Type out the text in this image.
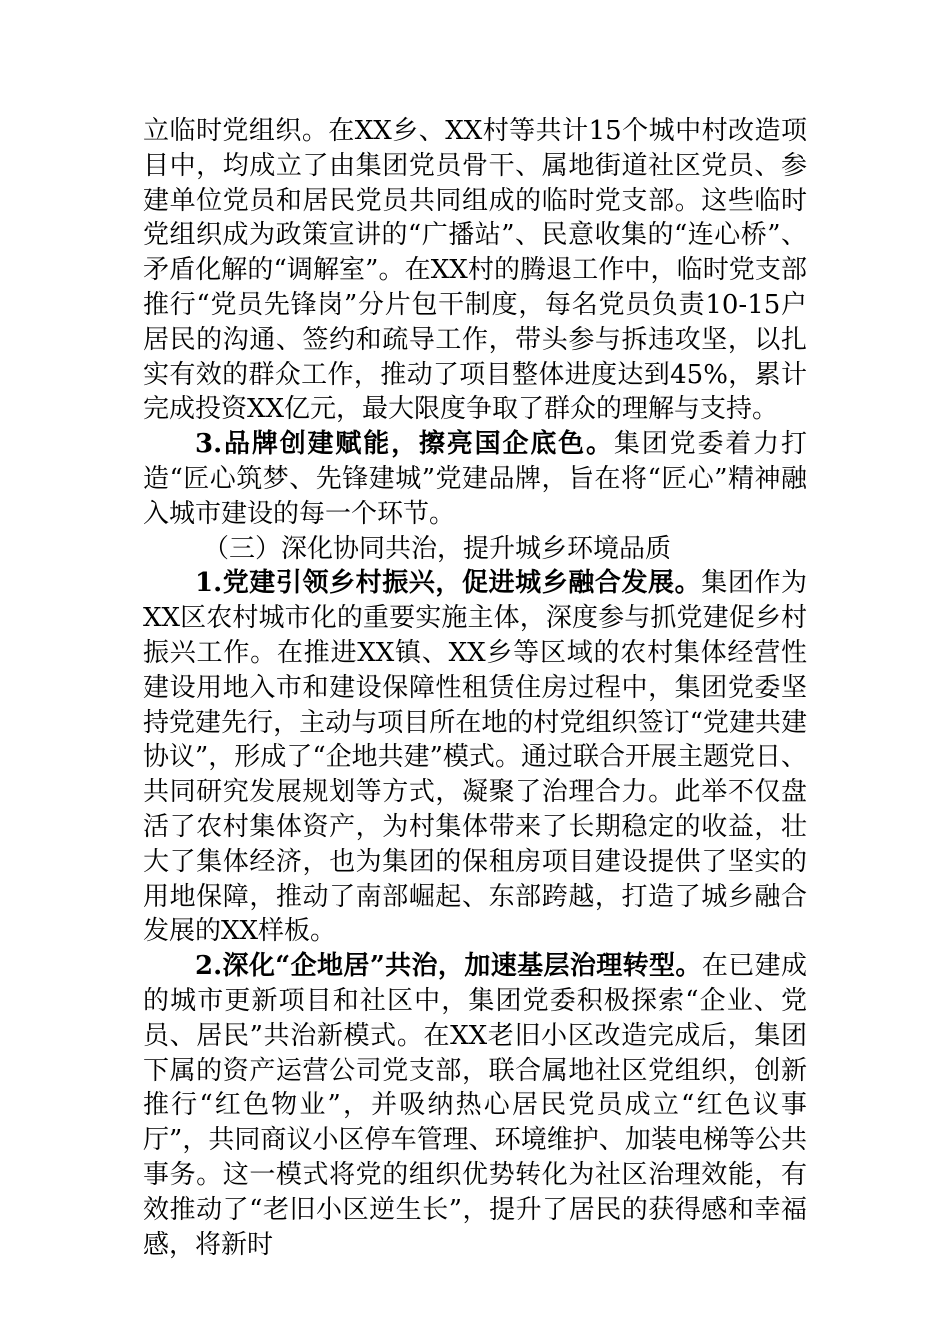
立临时党组织。在XX乡、XX村等共计15个城中村改造项目中，均成立了由集团党员骨干、属地街道社区党员、参建单位党员和居民党员共同组成的临时党支部。这些临时党组织成为政策宣讲的“广播站”、民意收集的“连心桥”、矛盾化解的“调解室”。在XX村的腾退工作中，临时党支部推行“党员先锋岗”分片包干制度，每名党员负责10-15户居民的沟通、签约和疏导工作，带头参与拆违攻坚，以扎实有效的群众工作，推动了项目整体进度达到45%，累计完成投资XX亿元，最大限度争取了群众的理解与支持。

3.品牌创建赋能，擦亮国企底色。集团党委着力打造“匠心筑梦、先锋建城”党建品牌，旨在将“匠心”精神融入城市建设的每一个环节。

（三）深化协同共治，提升城乡环境品质

1.党建引领乡村振兴，促进城乡融合发展。集团作为XX区农村城市化的重要实施主体，深度参与抓党建促乡村振兴工作。在推进XX镇、XX乡等区域的农村集体经营性建设用地入市和建设保障性租赁住房过程中，集团党委坚持党建先行，主动与项目所在地的村党组织签订“党建共建协议”，形成了“企地共建”模式。通过联合开展主题党日、共同研究发展规划等方式，凝聚了治理合力。此举不仅盘活了农村集体资产，为村集体带来了长期稳定的收益，壮大了集体经济，也为集团的保租房项目建设提供了坚实的用地保障，推动了南部崛起、东部跨越，打造了城乡融合发展的XX样板。

2.深化“企地居”共治，加速基层治理转型。在已建成的城市更新项目和社区中，集团党委积极探索“企业、党员、居民”共治新模式。在XX老旧小区改造完成后，集团下属的资产运营公司党支部，联合属地社区党组织，创新推行“红色物业”，并吸纳热心居民党员成立“红色议事厅”，共同商议小区停车管理、环境维护、加装电梯等公共事务。这一模式将党的组织优势转化为社区治理效能，有效推动了“老旧小区逆生长”，提升了居民的获得感和幸福感，将新时
